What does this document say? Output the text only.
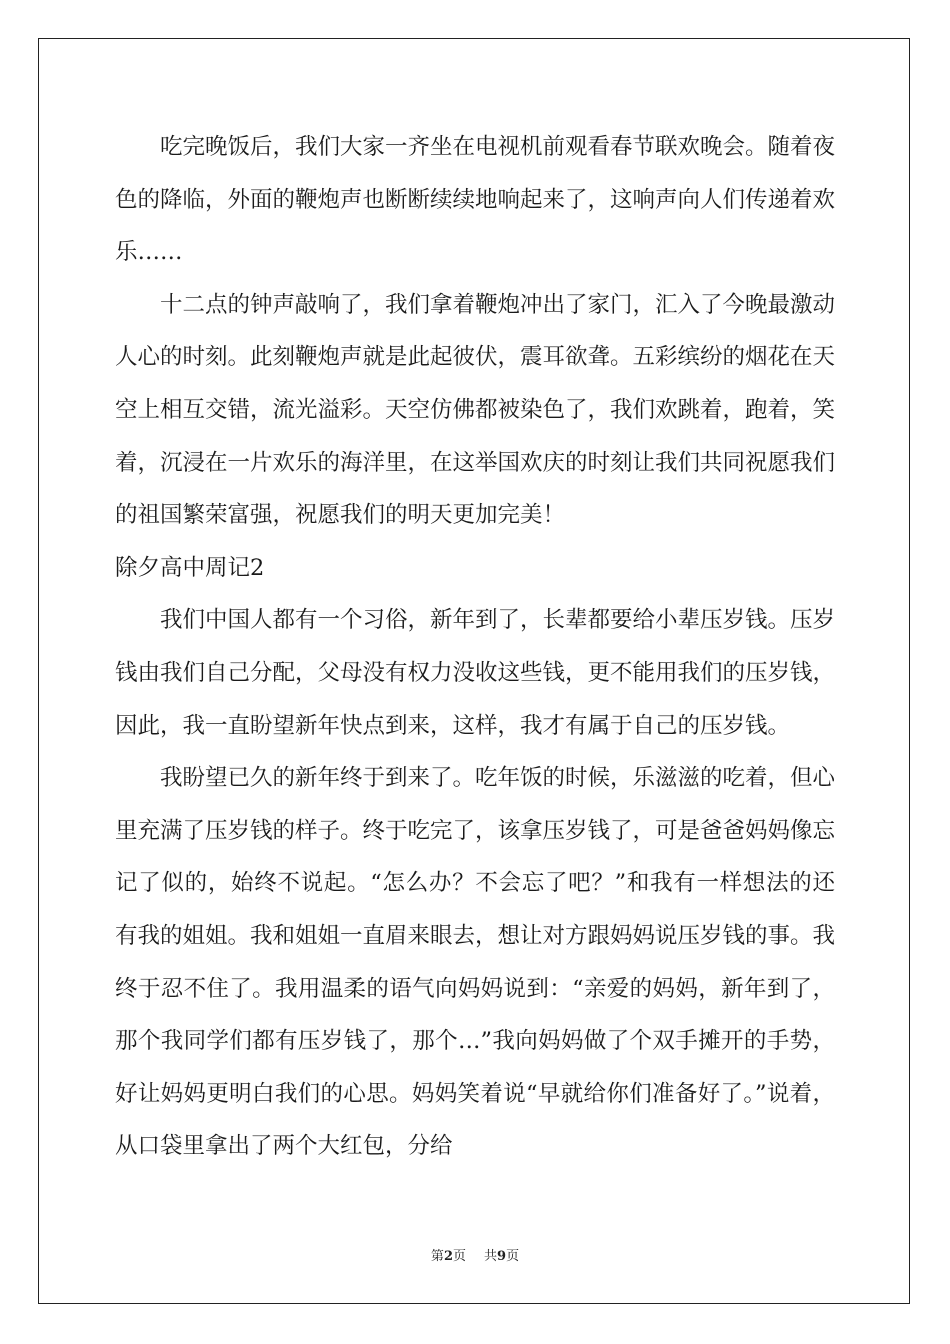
吃完晚饭后，我们大家一齐坐在电视机前观看春节联欢晚会。随着夜色的降临，外面的鞭炮声也断断续续地响起来了，这响声向人们传递着欢乐……

十二点的钟声敲响了，我们拿着鞭炮冲出了家门，汇入了今晚最激动人心的时刻。此刻鞭炮声就是此起彼伏，震耳欲聋。五彩缤纷的烟花在天空上相互交错，流光溢彩。天空仿佛都被染色了，我们欢跳着，跑着，笑着，沉浸在一片欢乐的海洋里，在这举国欢庆的时刻让我们共同祝愿我们的祖国繁荣富强，祝愿我们的明天更加完美！

除夕高中周记2

我们中国人都有一个习俗，新年到了，长辈都要给小辈压岁钱。压岁钱由我们自己分配，父母没有权力没收这些钱，更不能用我们的压岁钱，因此，我一直盼望新年快点到来，这样，我才有属于自己的压岁钱。

我盼望已久的新年终于到来了。吃年饭的时候，乐滋滋的吃着，但心里充满了压岁钱的样子。终于吃完了，该拿压岁钱了，可是爸爸妈妈像忘记了似的，始终不说起。“怎么办？不会忘了吧？”和我有一样想法的还有我的姐姐。我和姐姐一直眉来眼去，想让对方跟妈妈说压岁钱的事。我终于忍不住了。我用温柔的语气向妈妈说到：“亲爱的妈妈，新年到了，那个我同学们都有压岁钱了，那个…”我向妈妈做了个双手摊开的手势，好让妈妈更明白我们的心思。妈妈笑着说“早就给你们准备好了。”说着，从口袋里拿出了两个大红包，分给

第2页 共9页
